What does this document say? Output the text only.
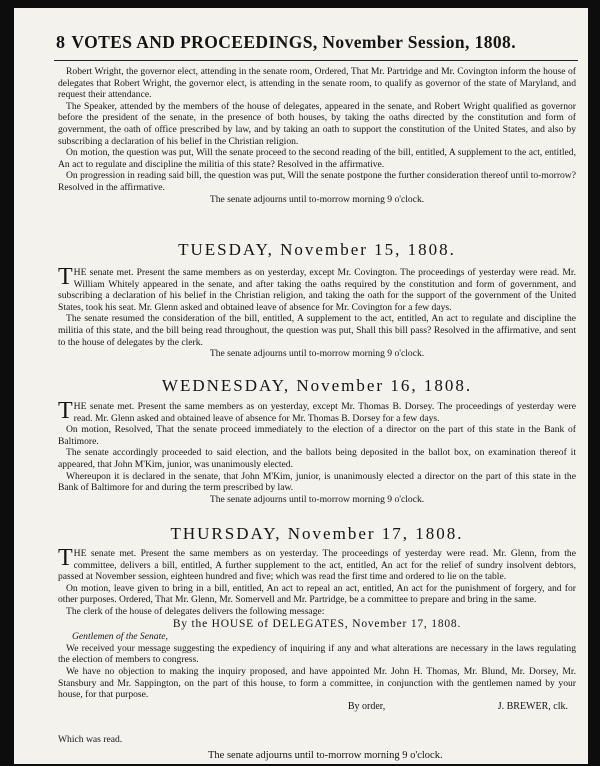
8 VOTES AND PROCEEDINGS, November Session, 1808.

Robert Wright, the governor elect, attending in the senate room, Ordered, That Mr. Partridge and Mr. Covington inform the house of delegates that Robert Wright, the governor elect, is attending in the senate room, to qualify as governor of the state of Maryland, and request their attendance.

The Speaker, attended by the members of the house of delegates, appeared in the senate, and Robert Wright qualified as governor before the president of the senate, in the presence of both houses, by taking the oaths directed by the constitution and form of government, the oath of office prescribed by law, and by taking an oath to support the constitution of the United States, and also by subscribing a declaration of his belief in the Christian religion.

On motion, the question was put, Will the senate proceed to the second reading of the bill, entitled, A supplement to the act, entitled, An act to regulate and discipline the militia of this state? Resolved in the affirmative.

On progression in reading said bill, the question was put, Will the senate postpone the further consideration thereof until to-morrow? Resolved in the affirmative.

The senate adjourns until to-morrow morning 9 o'clock.

TUESDAY, November 15, 1808.

THE senate met. Present the same members as on yesterday, except Mr. Covington. The proceedings of yesterday were read. Mr. William Whitely appeared in the senate, and after taking the oaths required by the constitution and form of government, and subscribing a declaration of his belief in the Christian religion, and taking the oath for the support of the government of the United States, took his seat. Mr. Glenn asked and obtained leave of absence for Mr. Covington for a few days.

The senate resumed the consideration of the bill, entitled, A supplement to the act, entitled, An act to regulate and discipline the militia of this state, and the bill being read throughout, the question was put, Shall this bill pass? Resolved in the affirmative, and sent to the house of delegates by the clerk.

The senate adjourns until to-morrow morning 9 o'clock.

WEDNESDAY, November 16, 1808.

THE senate met. Present the same members as on yesterday, except Mr. Thomas B. Dorsey. The proceedings of yesterday were read. Mr. Glenn asked and obtained leave of absence for Mr. Thomas B. Dorsey for a few days.

On motion, Resolved, That the senate proceed immediately to the election of a director on the part of this state in the Bank of Baltimore.

The senate accordingly proceeded to said election, and the ballots being deposited in the ballot box, on examination thereof it appeared, that John M'Kim, junior, was unanimously elected.

Whereupon it is declared in the senate, that John M'Kim, junior, is unanimously elected a director on the part of this state in the Bank of Baltimore for and during the term prescribed by law.

The senate adjourns until to-morrow morning 9 o'clock.

THURSDAY, November 17, 1808.

THE senate met. Present the same members as on yesterday. The proceedings of yesterday were read. Mr. Glenn, from the committee, delivers a bill, entitled, A further supplement to the act, entitled, An act for the relief of sundry insolvent debtors, passed at November session, eighteen hundred and five; which was read the first time and ordered to lie on the table.

On motion, leave given to bring in a bill, entitled, An act to repeal an act, entitled, An act for the punishment of forgery, and for other purposes. Ordered, That Mr. Glenn, Mr. Somervell and Mr. Partridge, be a committee to prepare and bring in the same.

The clerk of the house of delegates delivers the following message:

By the HOUSE of DELEGATES, November 17, 1808.

Gentlemen of the Senate,

We received your message suggesting the expediency of inquiring if any and what alterations are necessary in the laws regulating the election of members to congress.

We have no objection to making the inquiry proposed, and have appointed Mr. John H. Thomas, Mr. Blund, Mr. Dorsey, Mr. Stansbury and Mr. Sappington, on the part of this house, to form a committee, in conjunction with the gentlemen named by your house, for that purpose.

By order,	J. BREWER, clk.
Which was read.
The senate adjourns until to-morrow morning 9 o'clock.
